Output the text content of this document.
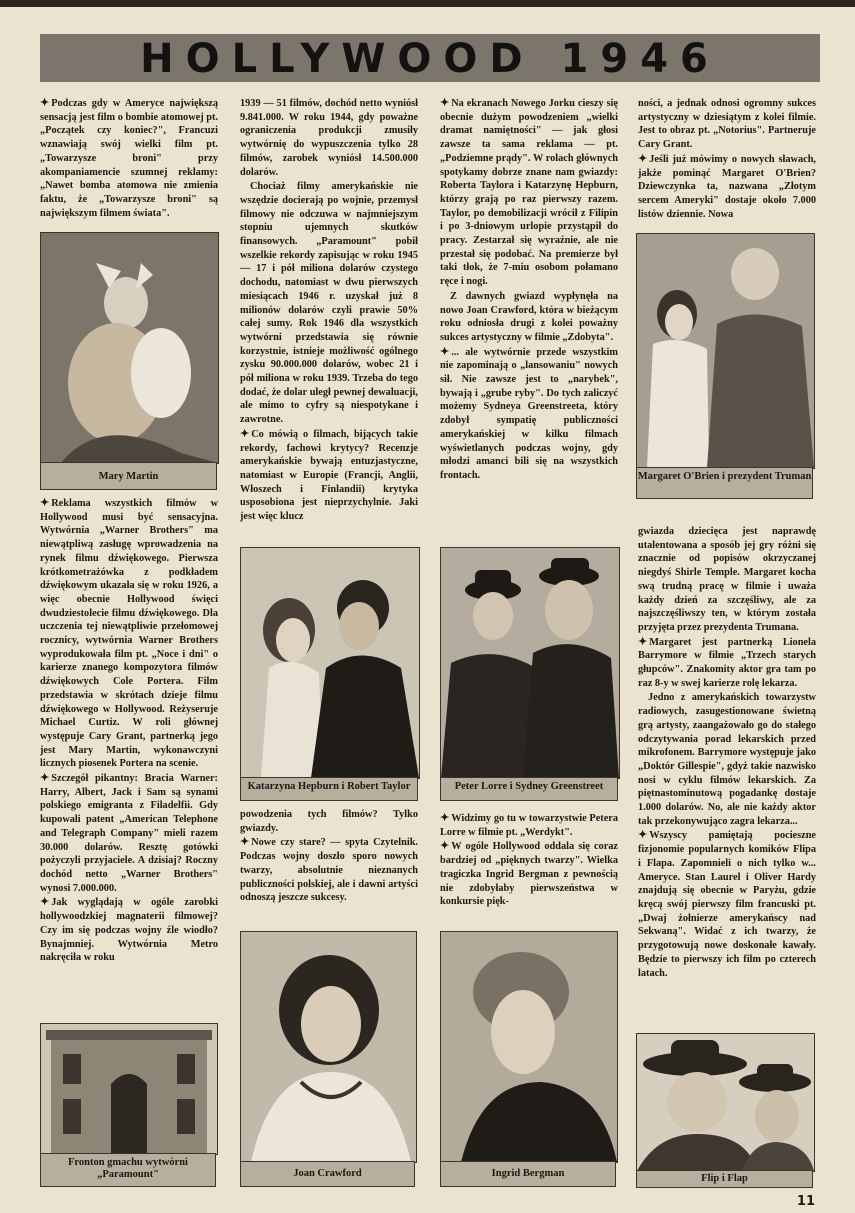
HOLLYWOOD 1946

✦ Podczas gdy w Ameryce największą sensacją jest film o bombie atomowej pt. „Początek czy koniec?", Francuzi wznawiają swój wielki film pt. „Towarzysze broni" przy akompaniamencie szumnej reklamy: „Nawet bomba atomowa nie zmienia faktu, że „Towarzysze broni" są największym filmem świata".

Mary Martin

✦ Reklama wszystkich filmów w Hollywood musi być sensacyjna. Wytwórnia „Warner Brothers" ma niewątpliwą zasługę wprowadzenia na rynek filmu dźwiękowego. Pierwsza krótkometrażówka z podkładem dźwiękowym ukazała się w roku 1926, a więc obecnie Hollywood święci dwudziestolecie filmu dźwiękowego. Dla uczczenia tej niewątpliwie przełomowej rocznicy, wytwórnia Warner Brothers wyprodukowała film pt. „Noce i dni" o karierze znanego kompozytora filmów dźwiękowych Cole Portera. Film przedstawia w skrótach dzieje filmu dźwiękowego w Hollywood. Reżyseruje Michael Curtiz. W roli głównej występuje Cary Grant, partnerką jego jest Mary Martin, wykonawczyni licznych piosenek Portera na scenie.

✦ Szczegół pikantny: Bracia Warner: Harry, Albert, Jack i Sam są synami polskiego emigranta z Filadelfii. Gdy kupowali patent „American Telephone and Telegraph Company" mieli razem 30.000 dolarów. Resztę gotówki pożyczyli przyjaciele. A dzisiaj? Roczny dochód netto „Warner Brothers" wynosi 7.000.000.

✦ Jak wyglądają w ogóle zarobki hollywoodzkiej magnaterii filmowej? Czy im się podczas wojny źle wiodło? Bynajmniej. Wytwórnia Metro nakręciła w roku

Fronton gmachu wytwórni „Paramount"

1939 — 51 filmów, dochód netto wyniósł 9.841.000. W roku 1944, gdy poważne ograniczenia produkcji zmusiły wytwórnię do wypuszczenia tylko 28 filmów, zarobek wyniósł 14.500.000 dolarów.

Chociaż filmy amerykańskie nie wszędzie docierają po wojnie, przemysł filmowy nie odczuwa w najmniejszym stopniu ujemnych skutków finansowych. „Paramount" pobił wszelkie rekordy zapisując w roku 1945 — 17 i pół miliona dolarów czystego dochodu, natomiast w dwu pierwszych miesiącach 1946 r. uzyskał już 8 milionów dolarów czyli prawie 50% całej sumy. Rok 1946 dla wszystkich wytwórni przedstawia się równie korzystnie, istnieje możliwość ogólnego zysku 90.000.000 dolarów, wobec 21 i pół miliona w roku 1939. Trzeba do tego dodać, że dolar uległ pewnej dewaluacji, ale mimo to cyfry są niespotykane i zawrotne.

✦ Co mówią o filmach, bijących takie rekordy, fachowi krytycy? Recenzje amerykańskie bywają entuzjastyczne, natomiast w Europie (Francji, Anglii, Włoszech i Finlandii) krytyka usposobiona jest nieprzychylnie. Jaki jest więc klucz

✦ Na ekranach Nowego Jorku cieszy się obecnie dużym powodzeniem „wielki dramat namiętności" — jak głosi zawsze ta sama reklama — pt. „Podziemne prądy". W rolach głównych spotykamy dobrze znane nam gwiazdy: Roberta Taylora i Katarzynę Hepburn, którzy grają po raz pierwszy razem. Taylor, po demobilizacji wrócił z Filipin i po 3-dniowym urlopie przystąpił do pracy. Zestarzał się wyraźnie, ale nie przestał się podobać. Na premierze był taki tłok, że 7-miu osobom połamano ręce i nogi.

Z dawnych gwiazd wypłynęła na nowo Joan Crawford, która w bieżącym roku odniosła drugi z kolei poważny sukces artystyczny w filmie „Zdobyta".

✦ ... ale wytwórnie przede wszystkim nie zapominają o „lansowaniu" nowych sił. Nie zawsze jest to „narybek", bywają i „grube ryby". Do tych zaliczyć możemy Sydneya Greenstreeta, który zdobył sympatię publiczności amerykańskiej w kilku filmach wyświetlanych podczas wojny, gdy młodzi amanci bili się na wszystkich frontach.

Katarzyna Hepburn i Robert Taylor	Peter Lorre i Sydney Greenstreet

powodzenia tych filmów? Tylko gwiazdy.

✦ Nowe czy stare? — spyta Czytelnik. Podczas wojny doszło sporo nowych twarzy, absolutnie nieznanych publiczności polskiej, ale i dawni artyści odnoszą jeszcze sukcesy.

✦ Widzimy go tu w towarzystwie Petera Lorre w filmie pt. „Werdykt".

✦ W ogóle Hollywood oddala się coraz bardziej od „pięknych twarzy". Wielka tragiczka Ingrid Bergman z pewnością nie zdobyłaby pierwszeństwa w konkursie pięk-

Joan Crawford	Ingrid Bergman

ności, a jednak odnosi ogromny sukces artystyczny w dziesiątym z kolei filmie. Jest to obraz pt. „Notorius". Partneruje Cary Grant.

✦ Jeśli już mówimy o nowych sławach, jakże pominąć Margaret O'Brien? Dziewczynka ta, nazwana „Złotym sercem Ameryki" dostaje około 7.000 listów dziennie. Nowa

Margaret O'Brien i prezydent Truman

gwiazda dziecięca jest naprawdę utalentowana a sposób jej gry różni się znacznie od popisów okrzyczanej niegdyś Shirle Temple. Margaret kocha swą trudną pracę w filmie i uważa każdy dzień za szczęśliwy, ale za najszczęśliwszy ten, w którym została przyjęta przez prezydenta Trumana.

✦ Margaret jest partnerką Lionela Barrymore w filmie „Trzech starych głupców". Znakomity aktor gra tam po raz 8-y w swej karierze rolę lekarza.

Jedno z amerykańskich towarzystw radiowych, zasugestionowane świetną grą artysty, zaangażowało go do stałego odczytywania porad lekarskich przed mikrofonem. Barrymore występuje jako „Doktór Gillespie", gdyż takie nazwisko nosi w cyklu filmów lekarskich. Za piętnastominutową pogadankę dostaje 1.000 dolarów. No, ale nie każdy aktor tak przekonywująco zagra lekarza...

✦ Wszyscy pamiętają pocieszne fizjonomie popularnych komików Flipa i Flapa. Zapomnieli o nich tylko w... Ameryce. Stan Laurel i Oliver Hardy znajdują się obecnie w Paryżu, gdzie kręcą swój pierwszy film francuski pt. „Dwaj żołnierze amerykańscy nad Sekwaną". Widać z ich twarzy, że przygotowują nowe doskonałe kawały. Będzie to pierwszy ich film po czterech latach.

Flip i Flap
11
